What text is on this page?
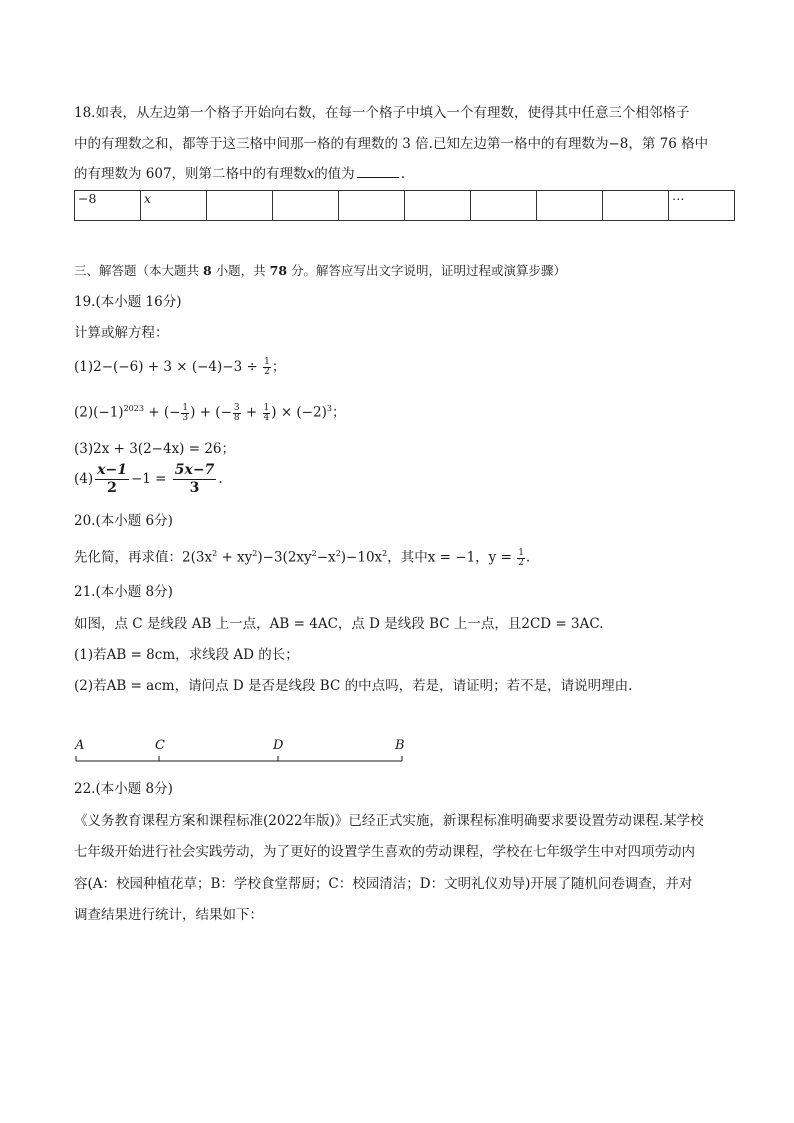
18.如表，从左边第一个格子开始向右数，在每一个格子中填入一个有理数，使得其中任意三个相邻格子
中的有理数之和，都等于这三格中间那一格的有理数的 3 倍.已知左边第一格中的有理数为−8，第 76 格中
的有理数为 607，则第二格中的有理数x的值为	.
−8	x								⋯
三、解答题（本大题共 8 小题，共 78 分。解答应写出文字说明，证明过程或演算步骤）
19.(本小题 16分)
计算或解方程：
$(1)2-(-6) + 3 \times (-4)-3 \div \frac{1}{2}$ ；
$(2)(-1)^{2023}$ + (− $\frac{1}{3}$ ) + (− $\frac{3}{8} + \frac{1}{4}$ ) × $(-2)^3$；
(3)2x + 3(2−4x) = 26；
$(4) \frac{x-1}{2} -1 = \frac{5x-7}{3}$ .
20.(本小题 6分)
先化简，再求值：$2(3x^2 + xy^2)-3(2xy^2-x^2)-10x^2$，其中x = −1，$y = \frac{1}{2}$ .
21.(本小题 8分)
如图，点 C 是线段 AB 上一点，AB = 4AC，点 D 是线段 BC 上一点，且2CD = 3AC.
(1)若AB = 8cm，求线段 AD 的长；
(2)若AB = acm，请问点 D 是否是线段 BC 的中点吗，若是，请证明；若不是，请说明理由.
A	C	D	B
22.(本小题 8分)
《义务教育课程方案和课程标准(2022年版)》已经正式实施，新课程标准明确要求要设置劳动课程.某学校
七年级开始进行社会实践劳动，为了更好的设置学生喜欢的劳动课程，学校在七年级学生中对四项劳动内
容(A：校园种植花草；B：学校食堂帮厨；C：校园清洁；D：文明礼仪劝导)开展了随机问卷调查，并对
调查结果进行统计，结果如下：
